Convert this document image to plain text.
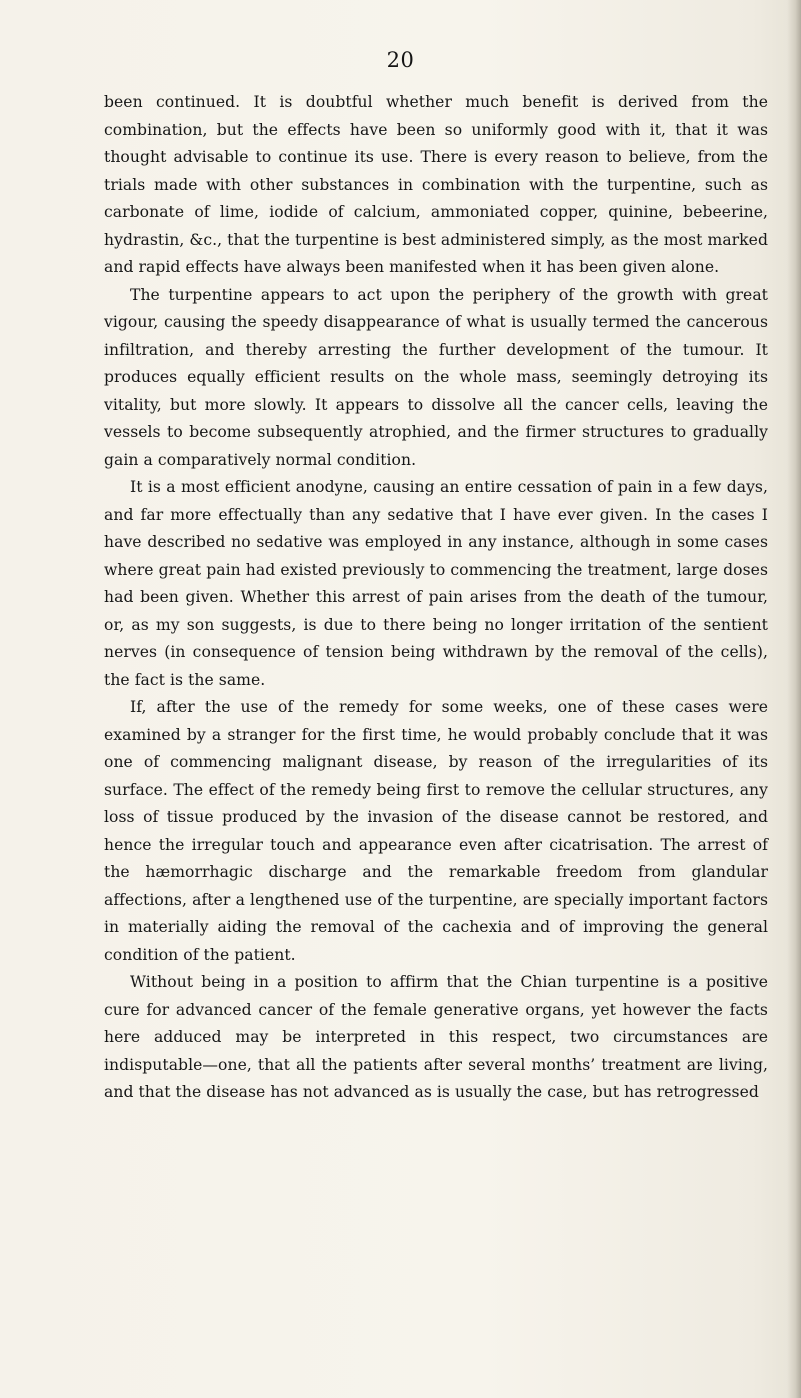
20

been continued. It is doubtful whether much benefit is derived from the combination, but the effects have been so uniformly good with it, that it was thought advisable to continue its use. There is every reason to believe, from the trials made with other substances in combination with the turpentine, such as carbonate of lime, iodide of calcium, ammoniated copper, quinine, bebeerine, hydrastin, &c., that the turpentine is best administered simply, as the most marked and rapid effects have always been manifested when it has been given alone.

The turpentine appears to act upon the periphery of the growth with great vigour, causing the speedy disappearance of what is usually termed the cancerous infiltration, and thereby arresting the further development of the tumour. It produces equally efficient results on the whole mass, seemingly detroying its vitality, but more slowly. It appears to dissolve all the cancer cells, leaving the vessels to become subsequently atrophied, and the firmer structures to gradually gain a comparatively normal condition.

It is a most efficient anodyne, causing an entire cessation of pain in a few days, and far more effectually than any sedative that I have ever given. In the cases I have described no sedative was employed in any instance, although in some cases where great pain had existed previously to commencing the treatment, large doses had been given. Whether this arrest of pain arises from the death of the tumour, or, as my son suggests, is due to there being no longer irritation of the sentient nerves (in consequence of tension being withdrawn by the removal of the cells), the fact is the same.

If, after the use of the remedy for some weeks, one of these cases were examined by a stranger for the first time, he would probably conclude that it was one of commencing malignant disease, by reason of the irregularities of its surface. The effect of the remedy being first to remove the cellular structures, any loss of tissue produced by the invasion of the disease cannot be restored, and hence the irregular touch and appearance even after cicatrisation. The arrest of the hæmorrhagic discharge and the remarkable freedom from glandular affections, after a lengthened use of the turpentine, are specially important factors in materially aiding the removal of the cachexia and of improving the general condition of the patient.

Without being in a position to affirm that the Chian turpentine is a positive cure for advanced cancer of the female generative organs, yet however the facts here adduced may be interpreted in this respect, two circumstances are indisputable—one, that all the patients after several months’ treatment are living, and that the disease has not advanced as is usually the case, but has retrogressed
